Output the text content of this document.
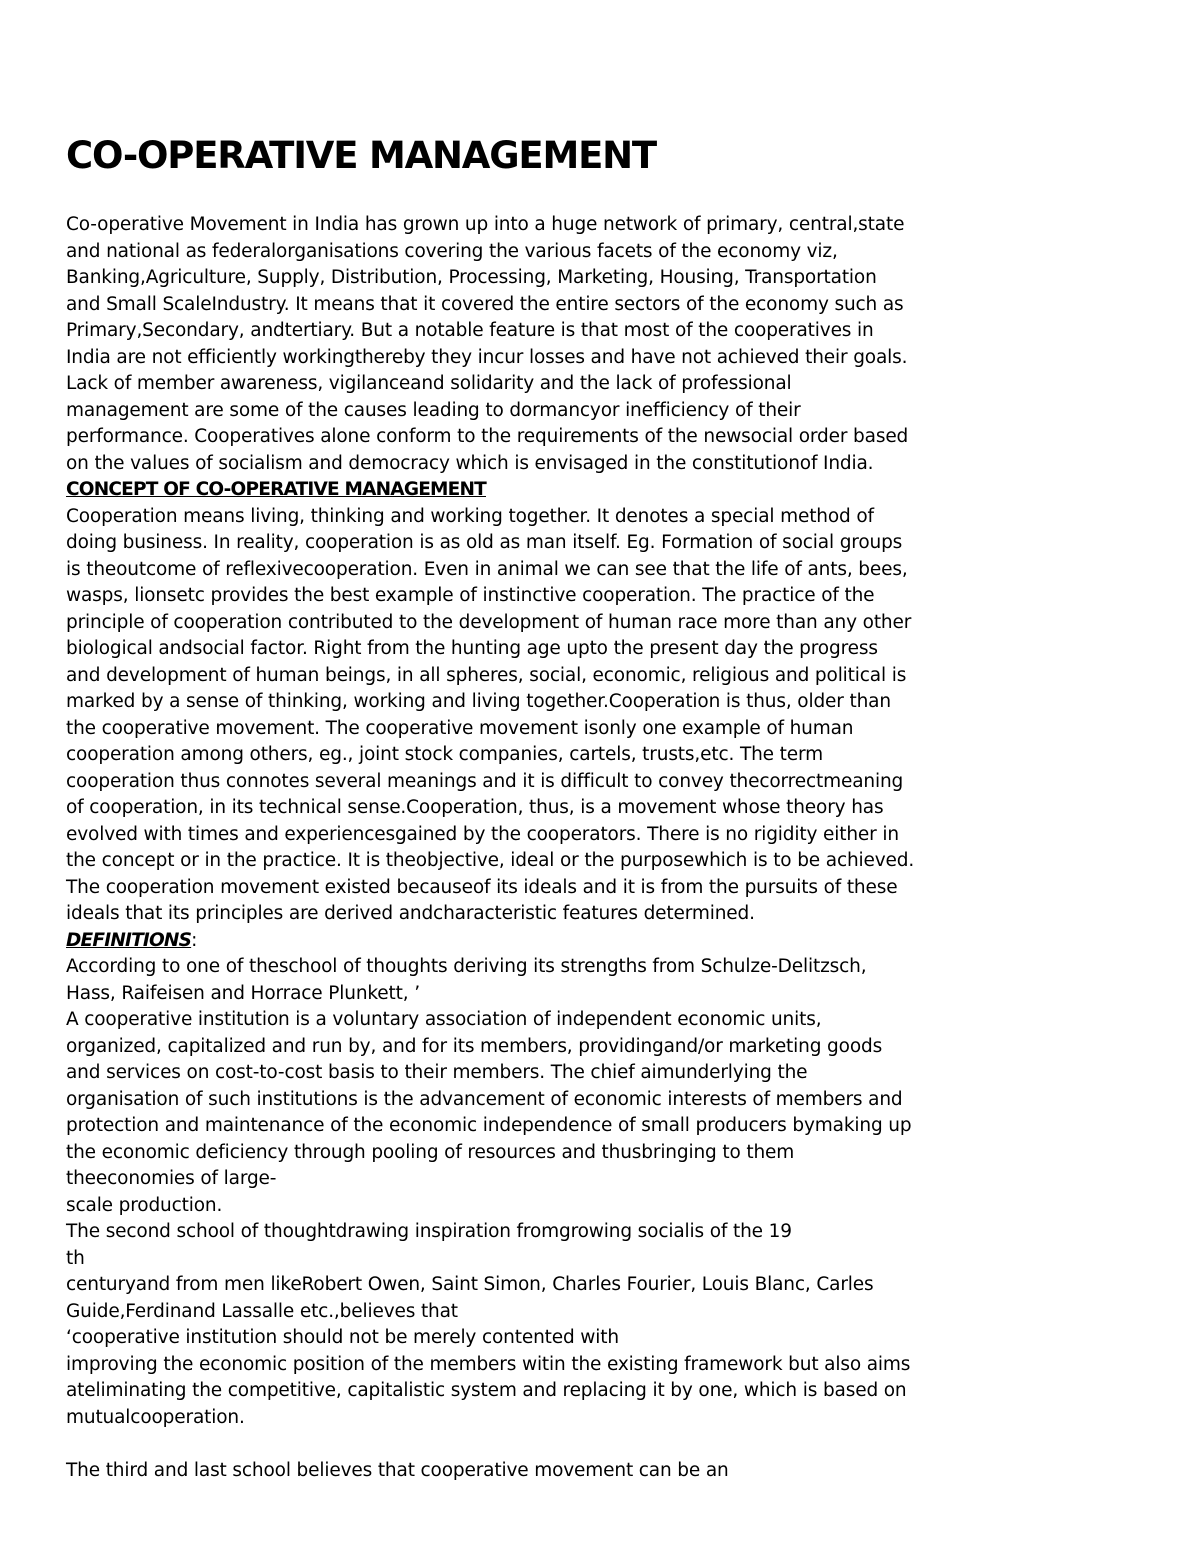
CO-OPERATIVE MANAGEMENT
Co-operative Movement in India has grown up into a huge network of primary, central,state
and national as federalorganisations covering the various facets of the economy viz,
Banking,Agriculture, Supply, Distribution, Processing, Marketing, Housing, Transportation
and Small ScaleIndustry. It means that it covered the entire sectors of the economy such as
Primary,Secondary, andtertiary. But a notable feature is that most of the cooperatives in
India are not efficiently workingthereby they incur losses and have not achieved their goals.
Lack of member awareness, vigilanceand solidarity and the lack of professional
management are some of the causes leading to dormancyor inefficiency of their
performance. Cooperatives alone conform to the requirements of the newsocial order based
on the values of socialism and democracy which is envisaged in the constitutionof India.
CONCEPT OF CO-OPERATIVE MANAGEMENT
Cooperation means living, thinking and working together. It denotes a special method of
doing business. In reality, cooperation is as old as man itself. Eg. Formation of social groups
is theoutcome of reflexivecooperation. Even in animal we can see that the life of ants, bees,
wasps, lionsetc provides the best example of instinctive cooperation. The practice of the
principle of cooperation contributed to the development of human race more than any other
biological andsocial factor. Right from the hunting age upto the present day the progress
and development of human beings, in all spheres, social, economic, religious and political is
marked by a sense of thinking, working and living together.Cooperation is thus, older than
the cooperative movement. The cooperative movement isonly one example of human
cooperation among others, eg., joint stock companies, cartels, trusts,etc. The term
cooperation thus connotes several meanings and it is difficult to convey thecorrectmeaning
of cooperation, in its technical sense.Cooperation, thus, is a movement whose theory has
evolved with times and experiencesgained by the cooperators. There is no rigidity either in
the concept or in the practice. It is theobjective, ideal or the purposewhich is to be achieved.
The cooperation movement existed becauseof its ideals and it is from the pursuits of these
ideals that its principles are derived andcharacteristic features determined.
DEFINITIONS:
According to one of theschool of thoughts deriving its strengths from Schulze-Delitzsch,
Hass, Raifeisen and Horrace Plunkett, ’
A cooperative institution is a voluntary association of independent economic units,
organized, capitalized and run by, and for its members, providingand/or marketing goods
and services on cost-to-cost basis to their members. The chief aimunderlying the
organisation of such institutions is the advancement of economic interests of members and
protection and maintenance of the economic independence of small producers bymaking up
the economic deficiency through pooling of resources and thusbringing to them
theeconomies of large-
scale production.
The second school of thoughtdrawing inspiration fromgrowing socialis of the 19
th
centuryand from men likeRobert Owen, Saint Simon, Charles Fourier, Louis Blanc, Carles
Guide,Ferdinand Lassalle etc.,believes that
‘cooperative institution should not be merely contented with
improving the economic position of the members witin the existing framework but also aims
ateliminating the competitive, capitalistic system and replacing it by one, which is based on
mutualcooperation.
The third and last school believes that cooperative movement can be an
